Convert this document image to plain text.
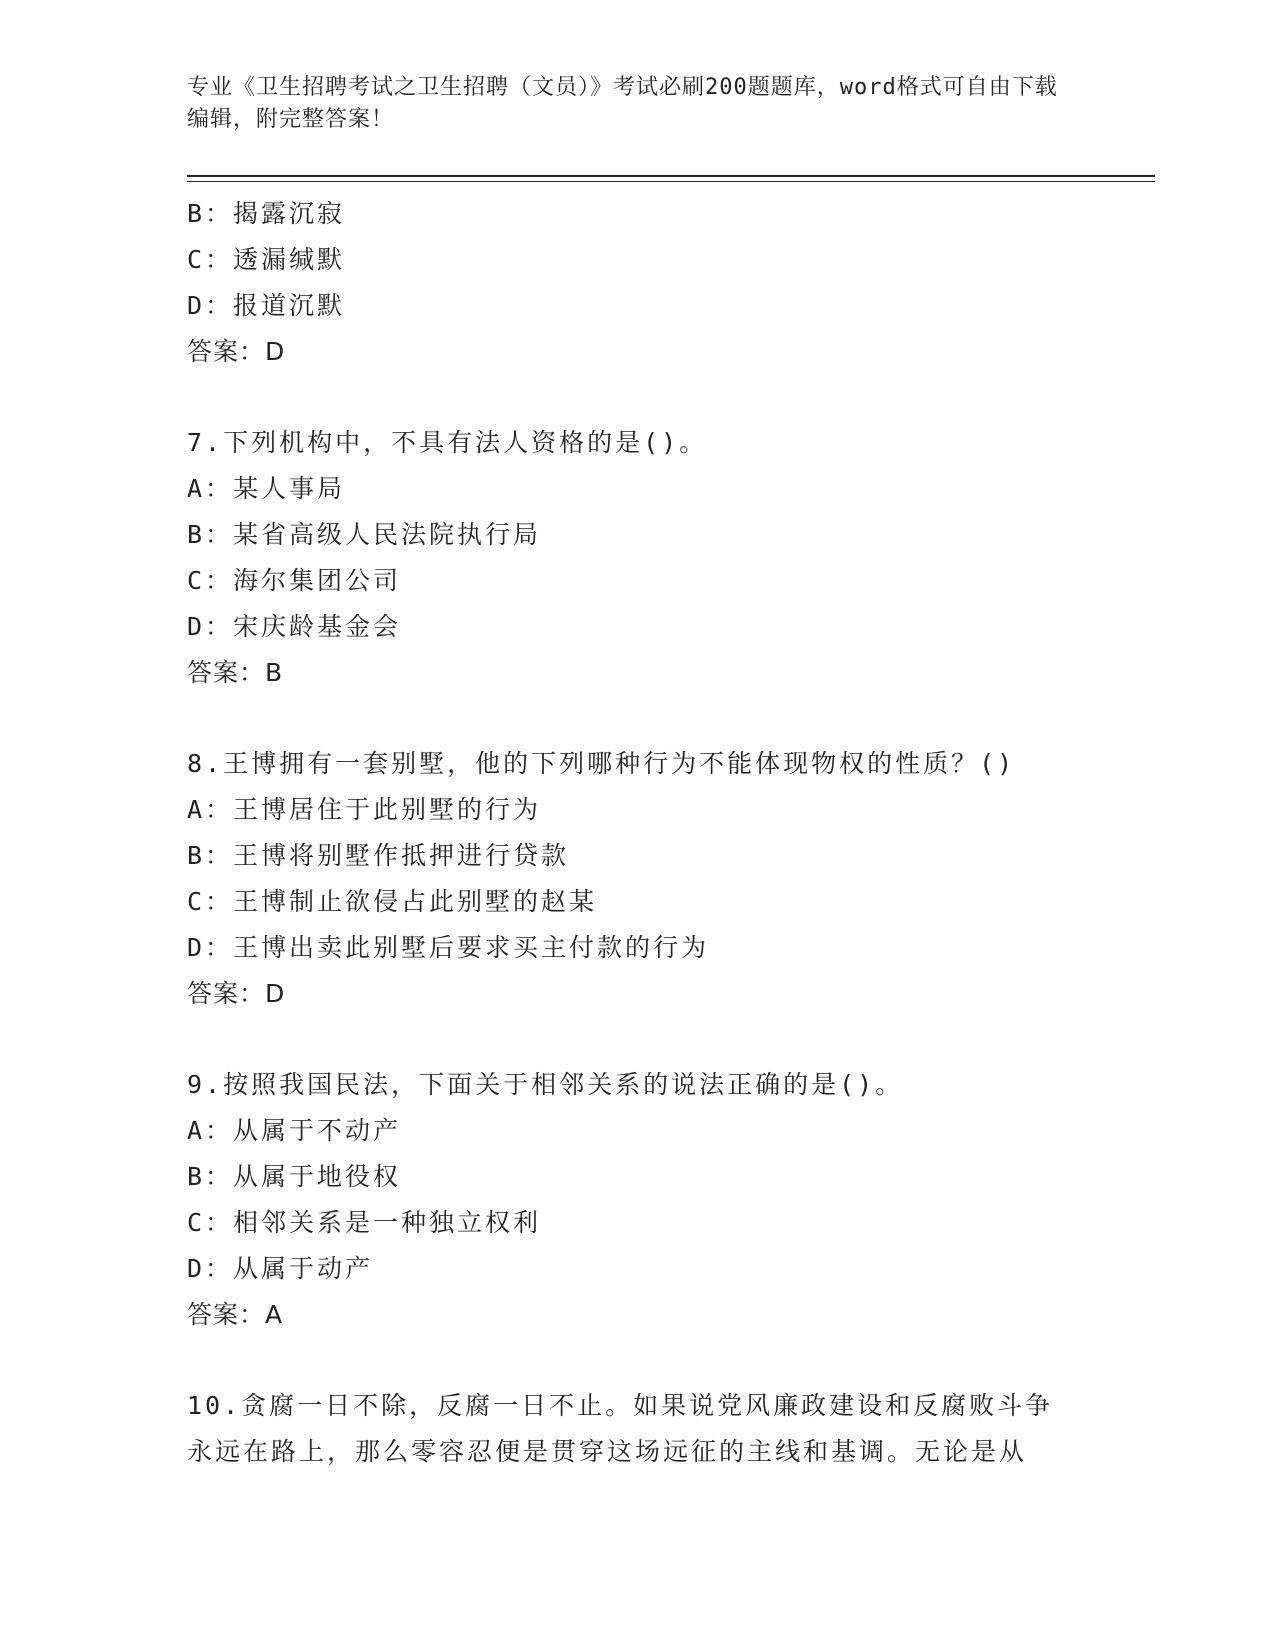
专业《卫生招聘考试之卫生招聘（文员）》考试必刷200题题库，word格式可自由下载编辑，附完整答案！
B：揭露沉寂
C：透漏缄默
D：报道沉默
答案：D
7.下列机构中，不具有法人资格的是()。
A：某人事局
B：某省高级人民法院执行局
C：海尔集团公司
D：宋庆龄基金会
答案：B
8.王博拥有一套别墅，他的下列哪种行为不能体现物权的性质？()
A：王博居住于此别墅的行为
B：王博将别墅作抵押进行贷款
C：王博制止欲侵占此别墅的赵某
D：王博出卖此别墅后要求买主付款的行为
答案：D
9.按照我国民法，下面关于相邻关系的说法正确的是()。
A：从属于不动产
B：从属于地役权
C：相邻关系是一种独立权利
D：从属于动产
答案：A
10.贪腐一日不除，反腐一日不止。如果说党风廉政建设和反腐败斗争
永远在路上，那么零容忍便是贯穿这场远征的主线和基调。无论是从
